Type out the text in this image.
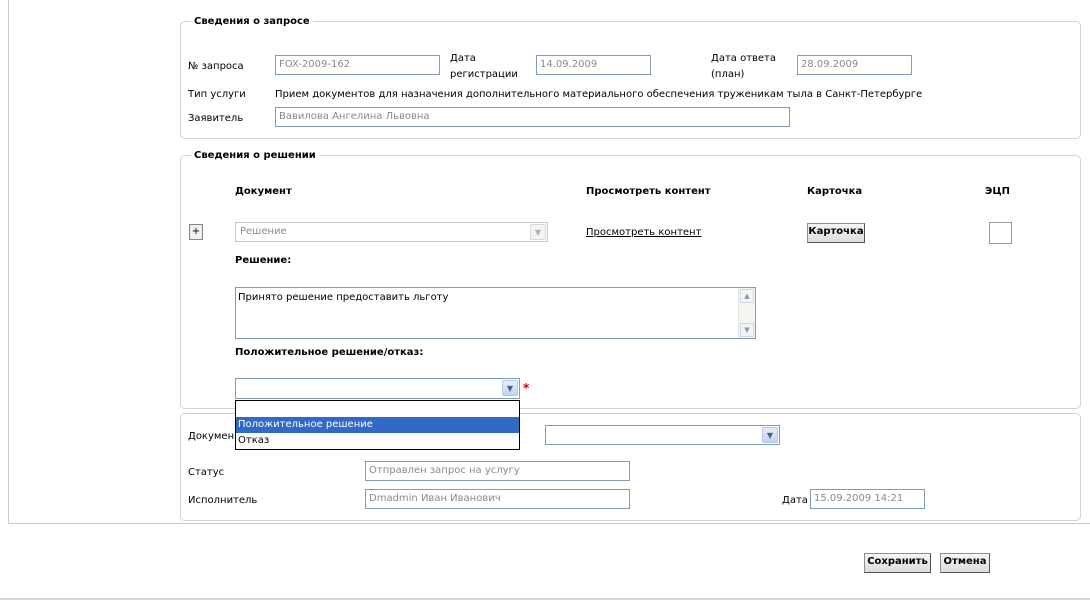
Сведения о запросе
№ запроса	FOX-2009-162
Дата
регистрации
14.09.2009
Дата ответа
(план)
28.09.2009
Тип услуги	Прием документов для назначения дополнительного материального обеспечения труженикам тыла в Санкт-Петербурге
Заявитель	Вавилова Ангелина Львовна
Сведения о решении
Документ	Просмотреть контент	Карточка	ЭЦП
+	Решение	▼	Просмотреть контент	Карточка
Решение:
Принято решение предоставить льготу	▲
▼
Положительное решение/отказ:
▼ *
Докумен	▼
Статус	Отправлен запрос на услугу
Исполнитель	Dmadmin Иван Иванович	Дата 15.09.2009 14:21
Положительное решение
Отказ
Сохранить	Отмена
